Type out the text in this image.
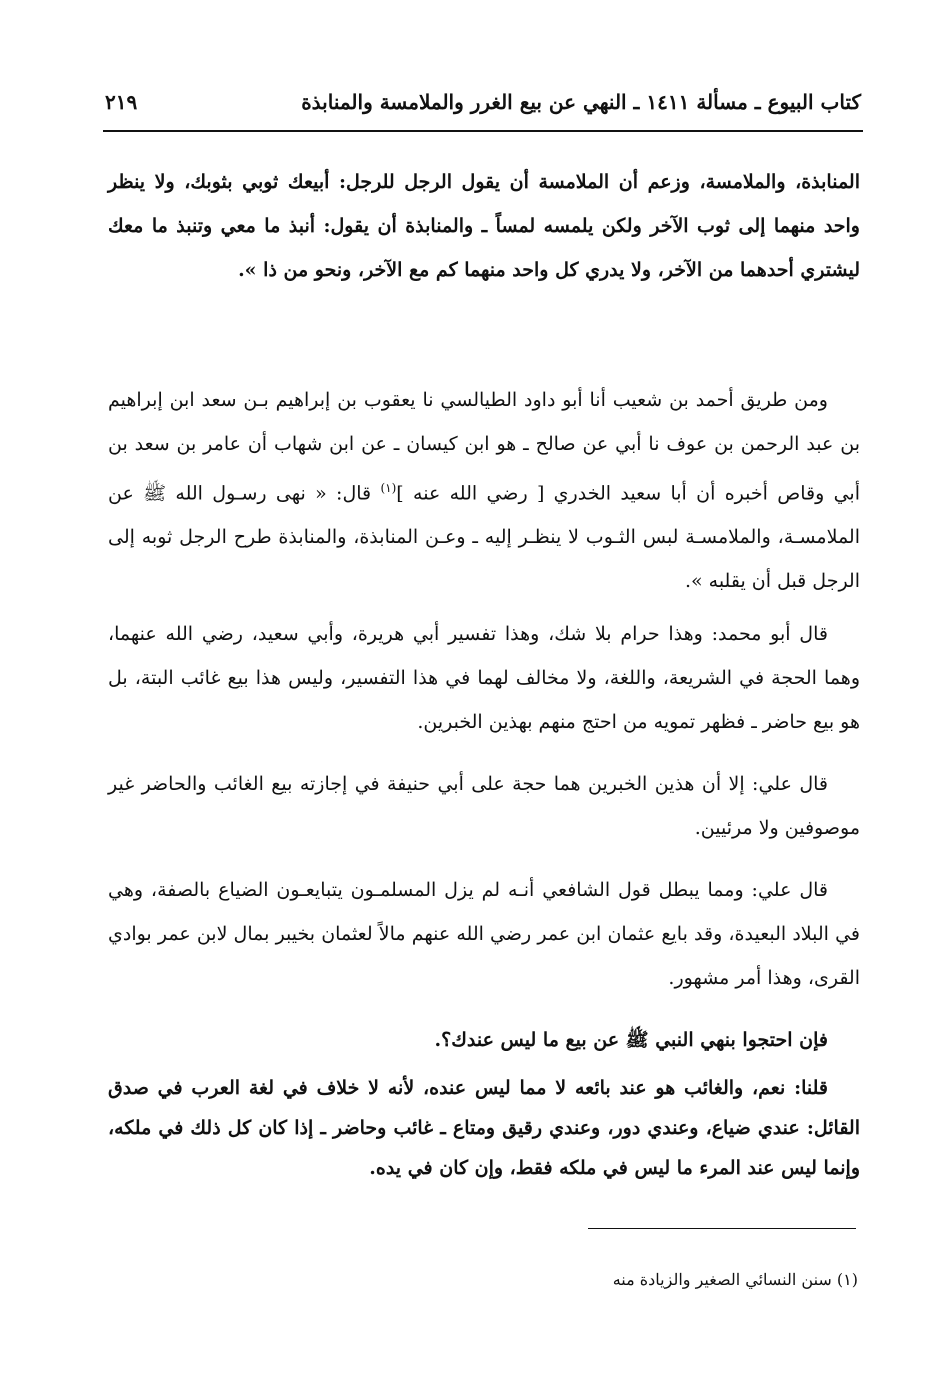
كتاب البيوع ـ مسألة ١٤١١ ـ النهي عن بيع الغرر والملامسة والمنابذة
٢١٩
المنابذة، والملامسة، وزعم أن الملامسة أن يقول الرجل للرجل: أبيعك ثوبي بثوبك، ولا ينظر واحد منهما إلى ثوب الآخر ولكن يلمسه لمساً ـ والمنابذة أن يقول: أنبذ ما معي وتنبذ ما معك ليشتري أحدهما من الآخر، ولا يدري كل واحد منهما كم مع الآخر، ونحو من ذا ».
ومن طريق أحمد بن شعيب أنا أبو داود الطيالسي نا يعقوب بن إبراهيم بـن سعد ابن إبراهيم بن عبد الرحمن بن عوف نا أبي عن صالح ـ هو ابن كيسان ـ عن ابن شهاب أن عامر بن سعد بن أبي وقاص أخبره أن أبا سعيد الخدري [ رضي الله عنه ]$^{(١)}$ قال: « نهى رسـول الله ﷺ عن الملامسـة، والملامسـة لبس الثـوب لا ينظـر إليه ـ وعـن المنابذة، والمنابذة طرح الرجل ثوبه إلى الرجل قبل أن يقلبه ».
قال أبو محمد: وهذا حرام بلا شك، وهذا تفسير أبي هريرة، وأبي سعيد، رضي الله عنهما، وهما الحجة في الشريعة، واللغة، ولا مخالف لهما في هذا التفسير، وليس هذا بيع غائب البتة، بل هو بيع حاضر ـ فظهر تمويه من احتج منهم بهذين الخبرين.
قال علي: إلا أن هذين الخبرين هما حجة على أبي حنيفة في إجازته بيع الغائب والحاضر غير موصوفين ولا مرئيين.
قال علي: ومما يبطل قول الشافعي أنـه لم يزل المسلمـون يتبايعـون الضياع بالصفة، وهي في البلاد البعيدة، وقد بايع عثمان ابن عمر رضي الله عنهم مالاً لعثمان بخيبر بمال لابن عمر بوادي القرى، وهذا أمر مشهور.
فإن احتجوا بنهي النبي ﷺ عن بيع ما ليس عندك؟.
قلنا: نعم، والغائب هو عند بائعه لا مما ليس عنده، لأنه لا خلاف في لغة العرب في صدق القائل: عندي ضياع، وعندي دور، وعندي رقيق ومتاع ـ غائب وحاضر ـ إذا كان كل ذلك في ملكه، وإنما ليس عند المرء ما ليس في ملكه فقط، وإن كان في يده.
(١) سنن النسائي الصغير والزيادة منه
